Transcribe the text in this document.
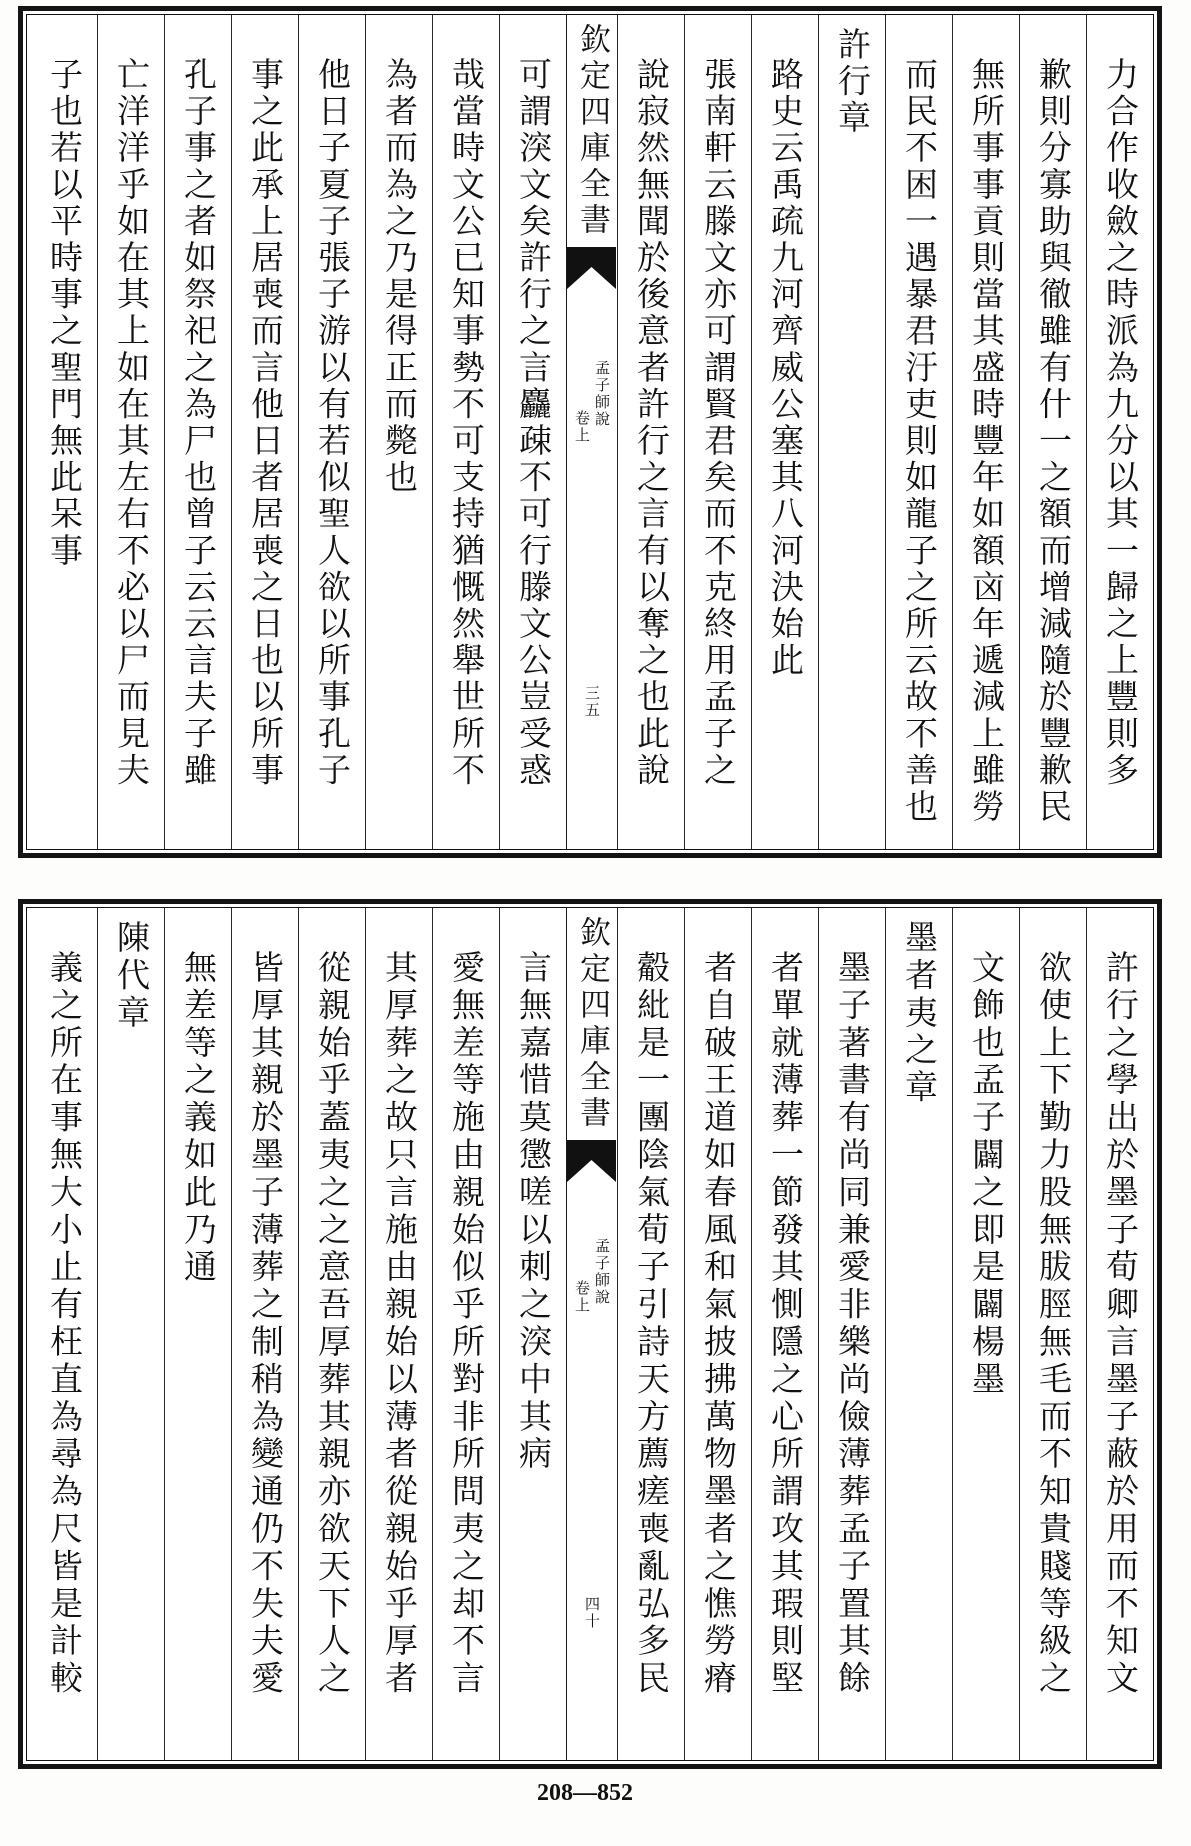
力合作收斂之時派為九分以其一歸之上豐則多
歉則分寡助與徹雖有什一之額而增減隨於豐歉民
無所事事貢則當其盛時豐年如額㐫年遞減上雖勞
而民不困一遇暴君汙吏則如龍子之所云故不善也
許行章
路史云禹疏九河齊威公塞其八河決始此
張南軒云滕文亦可謂賢君矣而不克終用孟子之
說寂然無聞於後意者許行之言有以奪之也此說
欽定四庫全書
孟子師說
卷上
三五
可謂湥文矣許行之言麤疎不可行滕文公豈受惑
哉當時文公已知事勢不可支持猶慨然舉世所不
為者而為之乃是得正而斃也
他日子夏子張子游以有若似聖人欲以所事孔子
事之此承上居喪而言他日者居喪之日也以所事
孔子事之者如祭祀之為尸也曾子云云言夫子雖
亡洋洋乎如在其上如在其左右不必以尸而見夫
子也若以平時事之聖門無此呆事
許行之學出於墨子荀卿言墨子蔽於用而不知文
欲使上下勤力股無胈脛無毛而不知貴賤等級之
文飾也孟子闢之即是闢楊墨
墨者夷之章
墨子著書有尚同兼愛非樂尚儉薄葬孟子置其餘
者單就薄葬一節發其惻隱之心所謂攻其瑕則堅
者自破王道如春風和氣披拂萬物墨者之憔勞瘠
觳紕是一團陰氣荀子引詩天方薦瘥喪亂弘多民
欽定四庫全書
孟子師說
卷上
四十
言無嘉惜莫懲嗟以刺之湥中其病
愛無差等施由親始似乎所對非所問夷之却不言
其厚葬之故只言施由親始以薄者從親始乎厚者
從親始乎蓋夷之之意吾厚葬其親亦欲天下人之
皆厚其親於墨子薄葬之制稍為變通仍不失夫愛
無差等之義如此乃通
陳代章
義之所在事無大小止有枉直為尋為尺皆是計較
208—852
